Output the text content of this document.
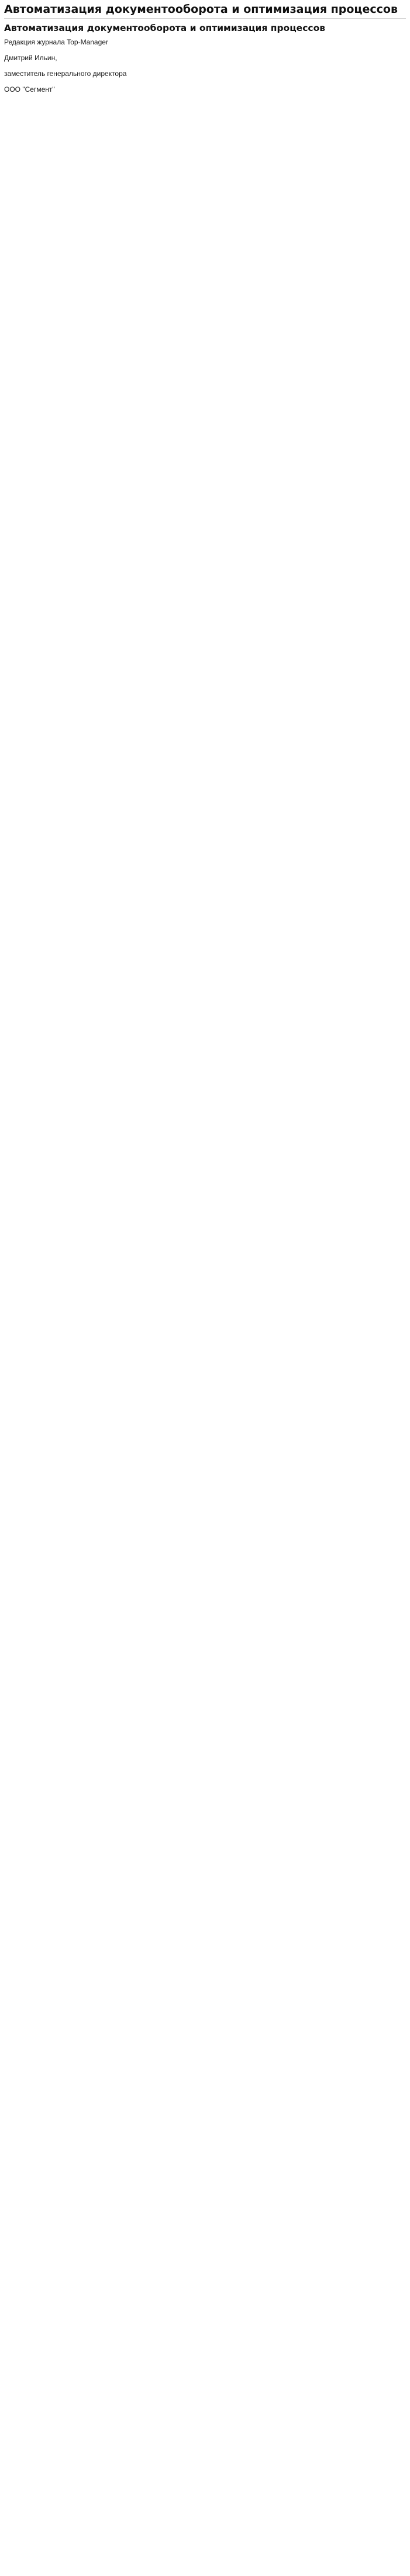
Автоматизация документооборота и оптимизация процессов
Автоматизация документооборота и оптимизация процессов

Редакция журнала Top-Manager

Дмитрий Ильин,

заместитель генерального директора

ООО "Сегмент"
